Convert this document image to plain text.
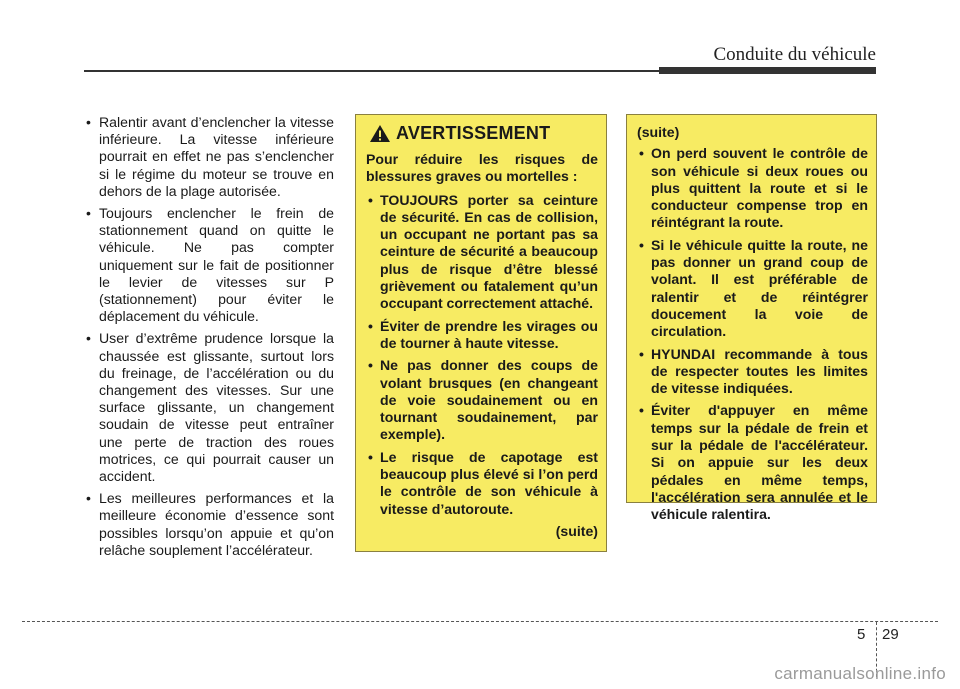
Conduite du véhicule
• Ralentir avant d’enclencher la vitesse inférieure. La vitesse inférieure pourrait en effet ne pas s’enclencher si le régime du moteur se trouve en dehors de la plage autorisée.
• Toujours enclencher le frein de stationnement quand on quitte le véhicule. Ne pas compter uniquement sur le fait de positionner le levier de vitesses sur P (stationnement) pour éviter le déplacement du véhicule.
• User d’extrême prudence lorsque la chaussée est glissante, surtout lors du freinage, de l’accélération ou du changement des vitesses. Sur une surface glissante, un changement soudain de vitesse peut entraîner une perte de traction des roues motrices, ce qui pourrait causer un accident.
• Les meilleures performances et la meilleure économie d’essence sont possibles lorsqu’on appuie et qu’on relâche souplement l’accélérateur.
AVERTISSEMENT
Pour réduire les risques de blessures graves ou mortelles :
• TOUJOURS porter sa ceinture de sécurité. En cas de collision, un occupant ne portant pas sa ceinture de sécurité a beaucoup plus de risque d’être blessé grièvement ou fatalement qu’un occupant correctement attaché.
• Éviter de prendre les virages ou de tourner à haute vitesse.
• Ne pas donner des coups de volant brusques (en changeant de voie soudainement ou en tournant soudainement, par exemple).
• Le risque de capotage est beaucoup plus élevé si l’on perd le contrôle de son véhicule à vitesse d’autoroute.
(suite)
(suite)
• On perd souvent le contrôle de son véhicule si deux roues ou plus quittent la route et si le conducteur compense trop en réintégrant la route.
• Si le véhicule quitte la route, ne pas donner un grand coup de volant. Il est préférable de ralentir et de réintégrer doucement la voie de circulation.
• HYUNDAI recommande à tous de respecter toutes les limites de vitesse indiquées.
• Éviter d'appuyer en même temps sur la pédale de frein et sur la pédale de l'accélérateur. Si on appuie sur les deux pédales en même temps, l'accélération sera annulée et le véhicule ralentira.
5 29
carmanualsonline.info
